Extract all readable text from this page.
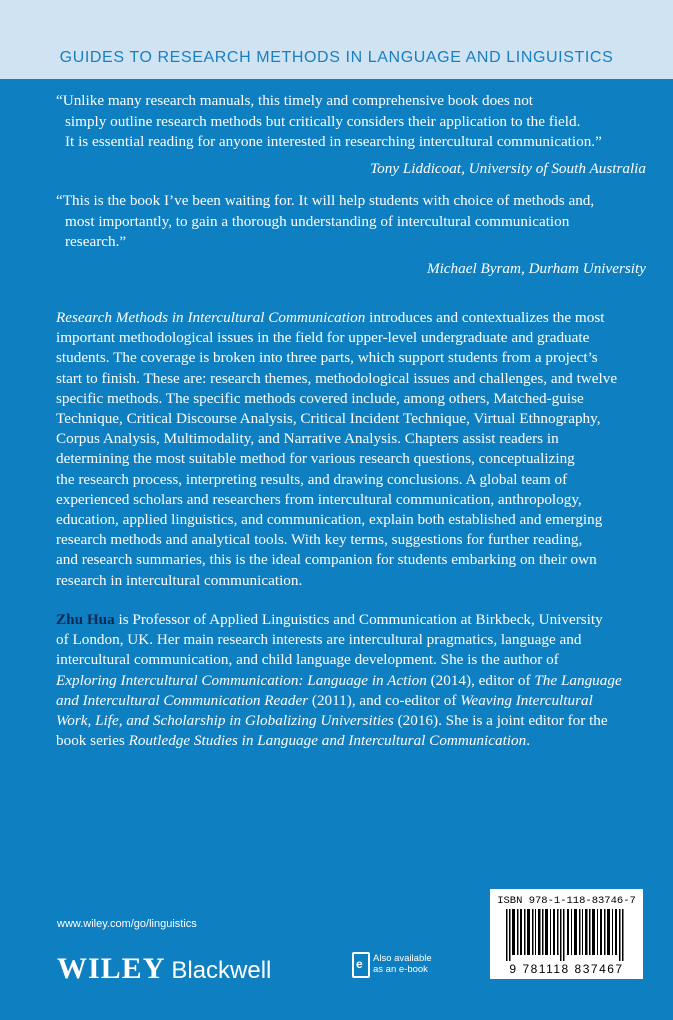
GUIDES TO RESEARCH METHODS IN LANGUAGE AND LINGUISTICS
“Unlike many research manuals, this timely and comprehensive book does not
simply outline research methods but critically considers their application to the field.
It is essential reading for anyone interested in researching intercultural communication.”
Tony Liddicoat, University of South Australia
“This is the book I’ve been waiting for. It will help students with choice of methods and,
most importantly, to gain a thorough understanding of intercultural communication
research.”
Michael Byram, Durham University
Research Methods in Intercultural Communication introduces and contextualizes the most
important methodological issues in the field for upper-level undergraduate and graduate
students. The coverage is broken into three parts, which support students from a project’s
start to finish. These are: research themes, methodological issues and challenges, and twelve
specific methods. The specific methods covered include, among others, Matched-guise
Technique, Critical Discourse Analysis, Critical Incident Technique, Virtual Ethnography,
Corpus Analysis, Multimodality, and Narrative Analysis. Chapters assist readers in
determining the most suitable method for various research questions, conceptualizing
the research process, interpreting results, and drawing conclusions. A global team of
experienced scholars and researchers from intercultural communication, anthropology,
education, applied linguistics, and communication, explain both established and emerging
research methods and analytical tools. With key terms, suggestions for further reading,
and research summaries, this is the ideal companion for students embarking on their own
research in intercultural communication.
Zhu Hua is Professor of Applied Linguistics and Communication at Birkbeck, University
of London, UK. Her main research interests are intercultural pragmatics, language and
intercultural communication, and child language development. She is the author of
Exploring Intercultural Communication: Language in Action (2014), editor of The Language
and Intercultural Communication Reader (2011), and co-editor of Weaving Intercultural
Work, Life, and Scholarship in Globalizing Universities (2016). She is a joint editor for the
book series Routledge Studies in Language and Intercultural Communication.
www.wiley.com/go/linguistics
WILEY Blackwell	e Also available
as an e-book
ISBN 978-1-118-83746-7
9 781118 837467
